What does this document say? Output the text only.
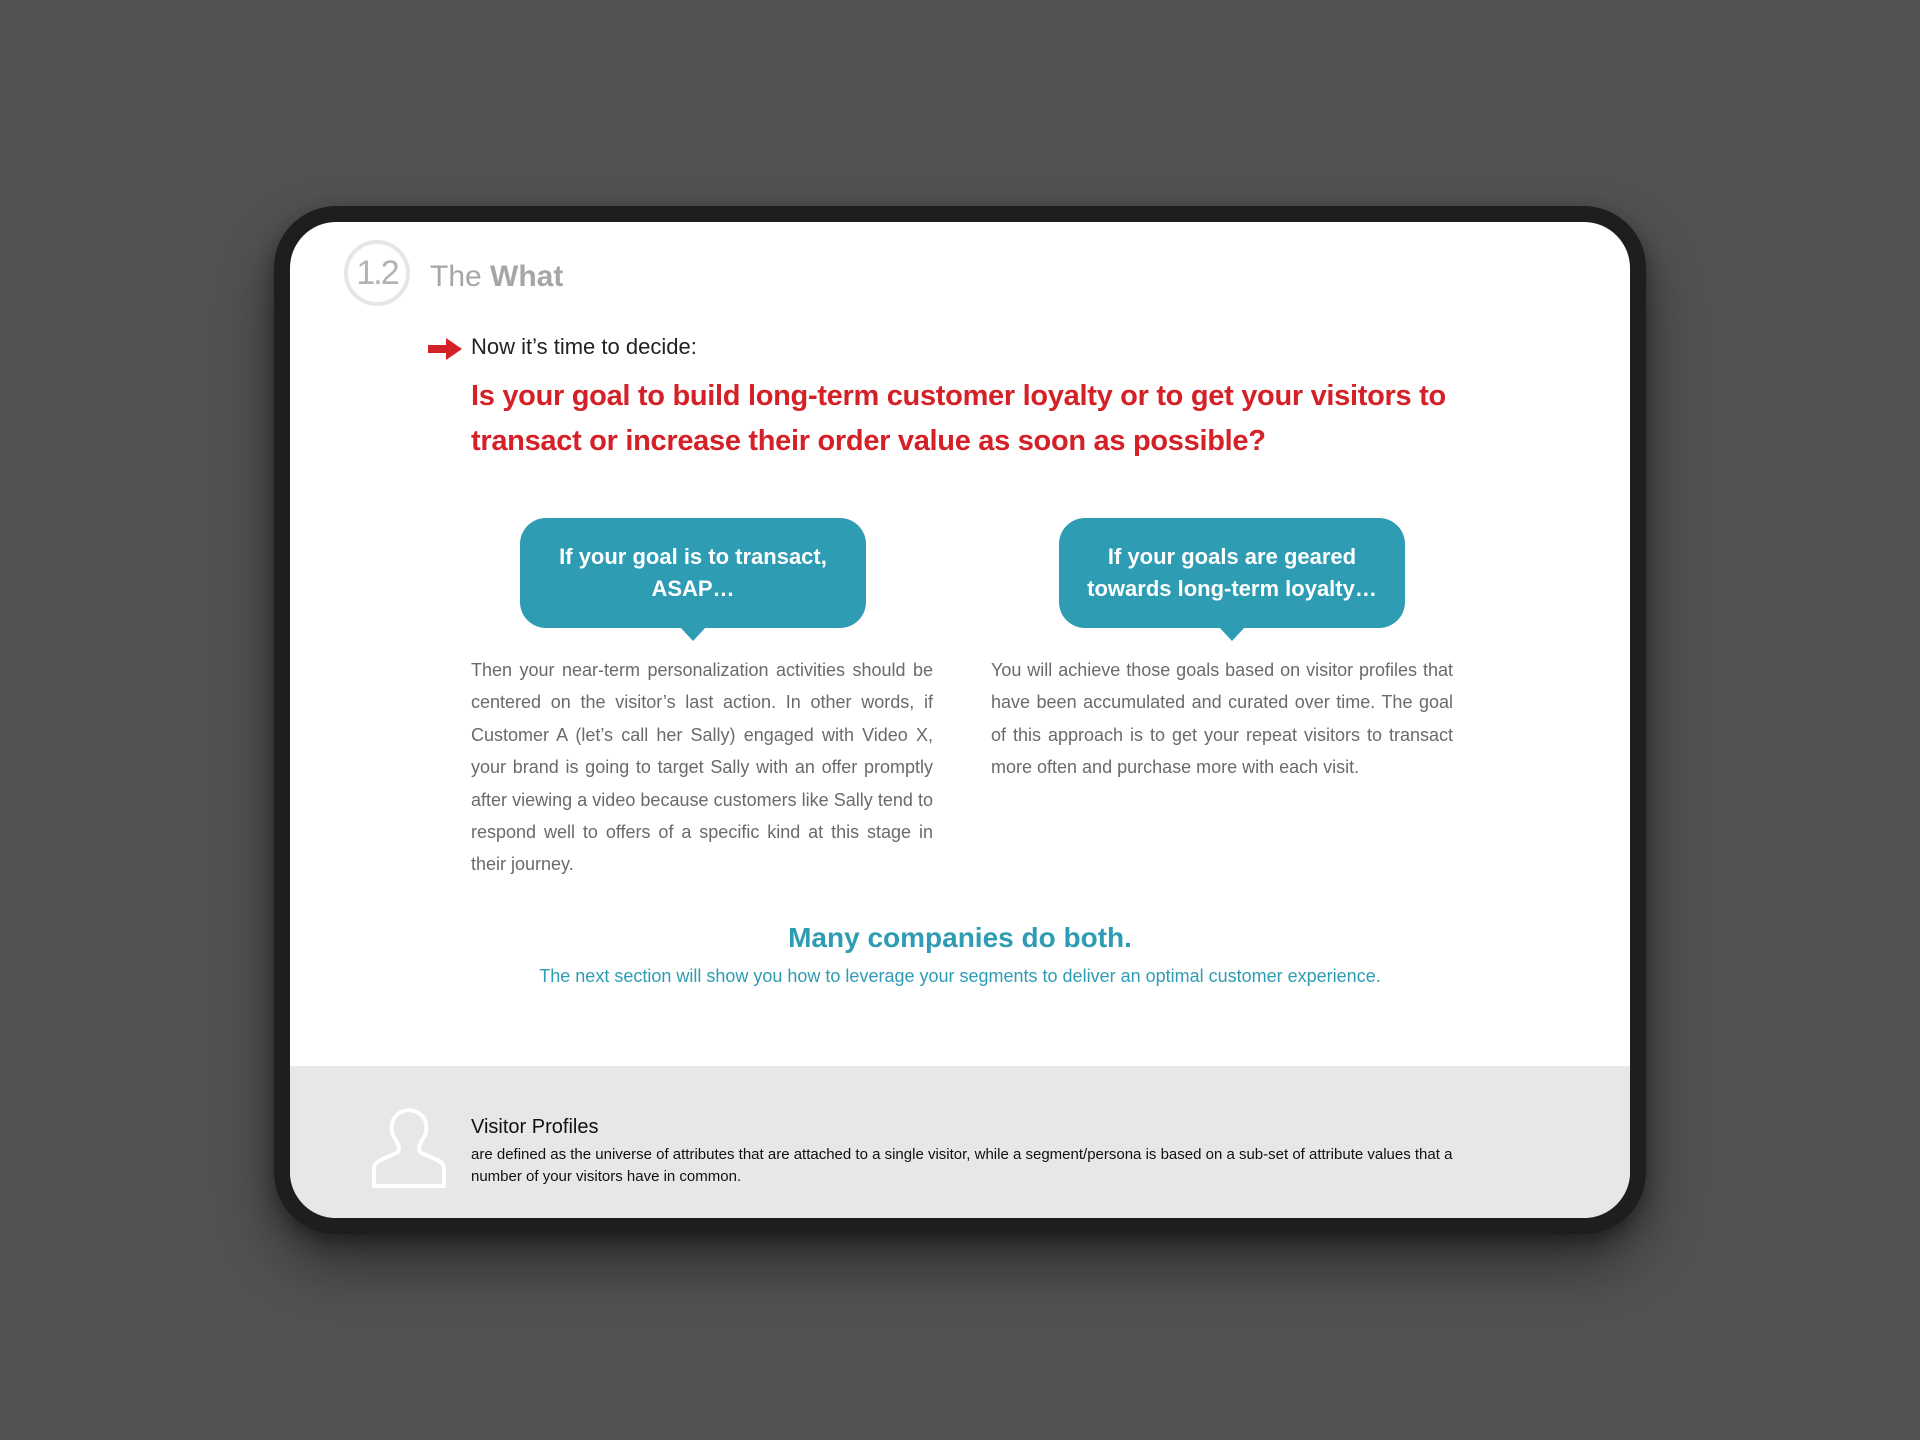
1.2 The What
Now it’s time to decide:
Is your goal to build long-term customer loyalty or to get your visitors to transact or increase their order value as soon as possible?
If your goal is to transact, ASAP…
If your goals are geared towards long-term loyalty…
Then your near-term personalization activities should be centered on the visitor’s last action. In other words, if Customer A (let’s call her Sally) engaged with Video X, your brand is going to target Sally with an offer promptly after viewing a video because customers like Sally tend to respond well to offers of a specific kind at this stage in their journey.
You will achieve those goals based on visitor profiles that have been accumulated and curated over time. The goal of this approach is to get your repeat visitors to transact more often and purchase more with each visit.
Many companies do both.
The next section will show you how to leverage your segments to deliver an optimal customer experience.
Visitor Profiles
are defined as the universe of attributes that are attached to a single visitor, while a segment/persona is based on a sub-set of attribute values that a number of your visitors have in common.
